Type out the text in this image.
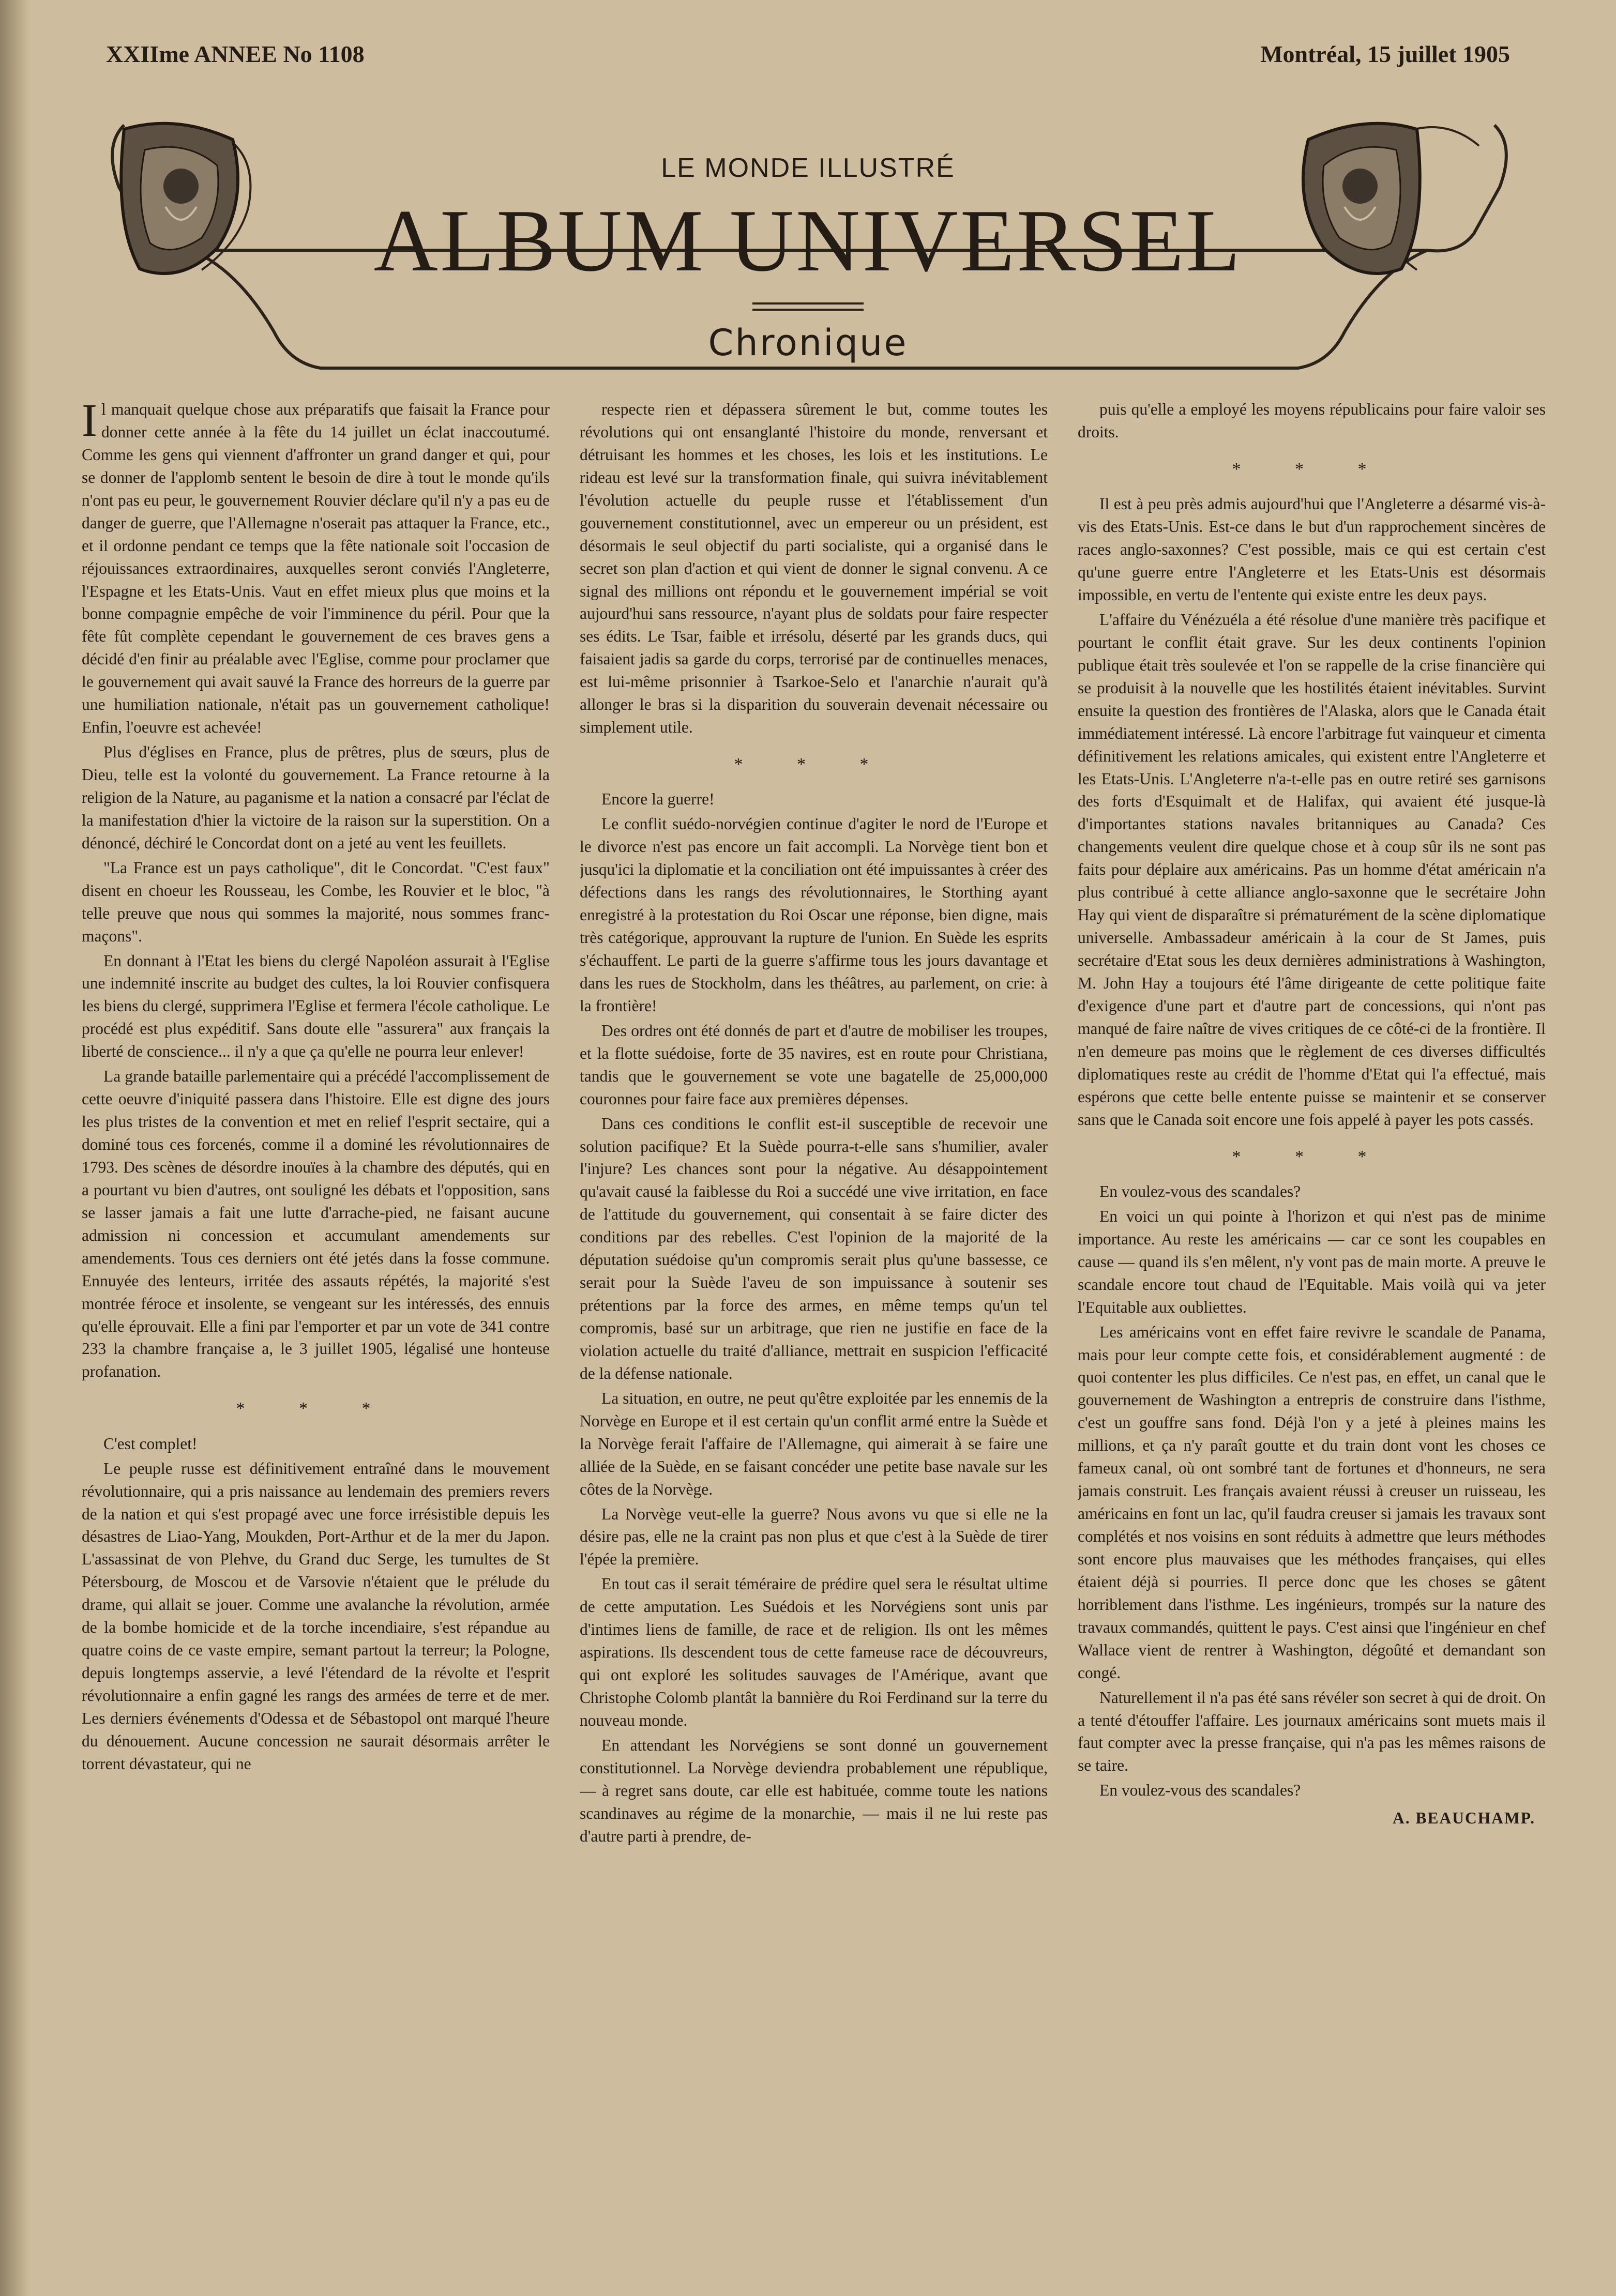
XXIIme ANNEE No 1108	Montréal, 15 juillet 1905
LE MONDE ILLUSTRÉ
ALBUM UNIVERSEL
Chronique

Il manquait quelque chose aux préparatifs que faisait la France pour donner cette année à la fête du 14 juillet un éclat inaccoutumé. Comme les gens qui viennent d'affronter un grand danger et qui, pour se donner de l'applomb sentent le besoin de dire à tout le monde qu'ils n'ont pas eu peur, le gouvernement Rouvier déclare qu'il n'y a pas eu de danger de guerre, que l'Allemagne n'oserait pas attaquer la France, etc., et il ordonne pendant ce temps que la fête nationale soit l'occasion de réjouissances extraordinaires, auxquelles seront conviés l'Angleterre, l'Espagne et les Etats-Unis. Vaut en effet mieux plus que moins et la bonne compagnie empêche de voir l'imminence du péril. Pour que la fête fût complète cependant le gouvernement de ces braves gens a décidé d'en finir au préalable avec l'Eglise, comme pour proclamer que le gouvernement qui avait sauvé la France des horreurs de la guerre par une humiliation nationale, n'était pas un gouvernement catholique! Enfin, l'oeuvre est achevée!

Plus d'églises en France, plus de prêtres, plus de sœurs, plus de Dieu, telle est la volonté du gouvernement. La France retourne à la religion de la Nature, au paganisme et la nation a consacré par l'éclat de la manifestation d'hier la victoire de la raison sur la superstition. On a dénoncé, déchiré le Concordat dont on a jeté au vent les feuillets.

"La France est un pays catholique", dit le Concordat. "C'est faux" disent en choeur les Rousseau, les Combe, les Rouvier et le bloc, "à telle preuve que nous qui sommes la majorité, nous sommes franc-maçons".

En donnant à l'Etat les biens du clergé Napoléon assurait à l'Eglise une indemnité inscrite au budget des cultes, la loi Rouvier confisquera les biens du clergé, supprimera l'Eglise et fermera l'école catholique. Le procédé est plus expéditif. Sans doute elle "assurera" aux français la liberté de conscience... il n'y a que ça qu'elle ne pourra leur enlever!

La grande bataille parlementaire qui a précédé l'accomplissement de cette oeuvre d'iniquité passera dans l'histoire. Elle est digne des jours les plus tristes de la convention et met en relief l'esprit sectaire, qui a dominé tous ces forcenés, comme il a dominé les révolutionnaires de 1793. Des scènes de désordre inouïes à la chambre des députés, qui en a pourtant vu bien d'autres, ont souligné les débats et l'opposition, sans se lasser jamais a fait une lutte d'arrache-pied, ne faisant aucune admission ni concession et accumulant amendements sur amendements. Tous ces derniers ont été jetés dans la fosse commune. Ennuyée des lenteurs, irritée des assauts répétés, la majorité s'est montrée féroce et insolente, se vengeant sur les intéressés, des ennuis qu'elle éprouvait. Elle a fini par l'emporter et par un vote de 341 contre 233 la chambre française a, le 3 juillet 1905, légalisé une honteuse profanation.

* * *

C'est complet!

Le peuple russe est définitivement entraîné dans le mouvement révolutionnaire, qui a pris naissance au lendemain des premiers revers de la nation et qui s'est propagé avec une force irrésistible depuis les désastres de Liao-Yang, Moukden, Port-Arthur et de la mer du Japon. L'assassinat de von Plehve, du Grand duc Serge, les tumultes de St Pétersbourg, de Moscou et de Varsovie n'étaient que le prélude du drame, qui allait se jouer. Comme une avalanche la révolution, armée de la bombe homicide et de la torche incendiaire, s'est répandue au quatre coins de ce vaste empire, semant partout la terreur; la Pologne, depuis longtemps asservie, a levé l'étendard de la révolte et l'esprit révolutionnaire a enfin gagné les rangs des armées de terre et de mer. Les derniers événements d'Odessa et de Sébastopol ont marqué l'heure du dénouement. Aucune concession ne saurait désormais arrêter le torrent dévastateur, qui ne

respecte rien et dépassera sûrement le but, comme toutes les révolutions qui ont ensanglanté l'histoire du monde, renversant et détruisant les hommes et les choses, les lois et les institutions. Le rideau est levé sur la transformation finale, qui suivra inévitablement l'évolution actuelle du peuple russe et l'établissement d'un gouvernement constitutionnel, avec un empereur ou un président, est désormais le seul objectif du parti socialiste, qui a organisé dans le secret son plan d'action et qui vient de donner le signal convenu. A ce signal des millions ont répondu et le gouvernement impérial se voit aujourd'hui sans ressource, n'ayant plus de soldats pour faire respecter ses édits. Le Tsar, faible et irrésolu, déserté par les grands ducs, qui faisaient jadis sa garde du corps, terrorisé par de continuelles menaces, est lui-même prisonnier à Tsarkoe-Selo et l'anarchie n'aurait qu'à allonger le bras si la disparition du souverain devenait nécessaire ou simplement utile.

* * *

Encore la guerre!

Le conflit suédo-norvégien continue d'agiter le nord de l'Europe et le divorce n'est pas encore un fait accompli. La Norvège tient bon et jusqu'ici la diplomatie et la conciliation ont été impuissantes à créer des défections dans les rangs des révolutionnaires, le Storthing ayant enregistré à la protestation du Roi Oscar une réponse, bien digne, mais très catégorique, approuvant la rupture de l'union. En Suède les esprits s'échauffent. Le parti de la guerre s'affirme tous les jours davantage et dans les rues de Stockholm, dans les théâtres, au parlement, on crie: à la frontière!

Des ordres ont été donnés de part et d'autre de mobiliser les troupes, et la flotte suédoise, forte de 35 navires, est en route pour Christiana, tandis que le gouvernement se vote une bagatelle de 25,000,000 couronnes pour faire face aux premières dépenses.

Dans ces conditions le conflit est-il susceptible de recevoir une solution pacifique? Et la Suède pourra-t-elle sans s'humilier, avaler l'injure? Les chances sont pour la négative. Au désappointement qu'avait causé la faiblesse du Roi a succédé une vive irritation, en face de l'attitude du gouvernement, qui consentait à se faire dicter des conditions par des rebelles. C'est l'opinion de la majorité de la députation suédoise qu'un compromis serait plus qu'une bassesse, ce serait pour la Suède l'aveu de son impuissance à soutenir ses prétentions par la force des armes, en même temps qu'un tel compromis, basé sur un arbitrage, que rien ne justifie en face de la violation actuelle du traité d'alliance, mettrait en suspicion l'efficacité de la défense nationale.

La situation, en outre, ne peut qu'être exploitée par les ennemis de la Norvège en Europe et il est certain qu'un conflit armé entre la Suède et la Norvège ferait l'affaire de l'Allemagne, qui aimerait à se faire une alliée de la Suède, en se faisant concéder une petite base navale sur les côtes de la Norvège.

La Norvège veut-elle la guerre? Nous avons vu que si elle ne la désire pas, elle ne la craint pas non plus et que c'est à la Suède de tirer l'épée la première.

En tout cas il serait téméraire de prédire quel sera le résultat ultime de cette amputation. Les Suédois et les Norvégiens sont unis par d'intimes liens de famille, de race et de religion. Ils ont les mêmes aspirations. Ils descendent tous de cette fameuse race de découvreurs, qui ont exploré les solitudes sauvages de l'Amérique, avant que Christophe Colomb plantât la bannière du Roi Ferdinand sur la terre du nouveau monde.

En attendant les Norvégiens se sont donné un gouvernement constitutionnel. La Norvège deviendra probablement une république, — à regret sans doute, car elle est habituée, comme toute les nations scandinaves au régime de la monarchie, — mais il ne lui reste pas d'autre parti à prendre, de-

puis qu'elle a employé les moyens républicains pour faire valoir ses droits.

* * *

Il est à peu près admis aujourd'hui que l'Angleterre a désarmé vis-à-vis des Etats-Unis. Est-ce dans le but d'un rapprochement sincères de races anglo-saxonnes? C'est possible, mais ce qui est certain c'est qu'une guerre entre l'Angleterre et les Etats-Unis est désormais impossible, en vertu de l'entente qui existe entre les deux pays.

L'affaire du Vénézuéla a été résolue d'une manière très pacifique et pourtant le conflit était grave. Sur les deux continents l'opinion publique était très soulevée et l'on se rappelle de la crise financière qui se produisit à la nouvelle que les hostilités étaient inévitables. Survint ensuite la question des frontières de l'Alaska, alors que le Canada était immédiatement intéressé. Là encore l'arbitrage fut vainqueur et cimenta définitivement les relations amicales, qui existent entre l'Angleterre et les Etats-Unis. L'Angleterre n'a-t-elle pas en outre retiré ses garnisons des forts d'Esquimalt et de Halifax, qui avaient été jusque-là d'importantes stations navales britanniques au Canada? Ces changements veulent dire quelque chose et à coup sûr ils ne sont pas faits pour déplaire aux américains. Pas un homme d'état américain n'a plus contribué à cette alliance anglo-saxonne que le secrétaire John Hay qui vient de disparaître si prématurément de la scène diplomatique universelle. Ambassadeur américain à la cour de St James, puis secrétaire d'Etat sous les deux dernières administrations à Washington, M. John Hay a toujours été l'âme dirigeante de cette politique faite d'exigence d'une part et d'autre part de concessions, qui n'ont pas manqué de faire naître de vives critiques de ce côté-ci de la frontière. Il n'en demeure pas moins que le règlement de ces diverses difficultés diplomatiques reste au crédit de l'homme d'Etat qui l'a effectué, mais espérons que cette belle entente puisse se maintenir et se conserver sans que le Canada soit encore une fois appelé à payer les pots cassés.

* * *

En voulez-vous des scandales?

En voici un qui pointe à l'horizon et qui n'est pas de minime importance. Au reste les américains — car ce sont les coupables en cause — quand ils s'en mêlent, n'y vont pas de main morte. A preuve le scandale encore tout chaud de l'Equitable. Mais voilà qui va jeter l'Equitable aux oubliettes.

Les américains vont en effet faire revivre le scandale de Panama, mais pour leur compte cette fois, et considérablement augmenté : de quoi contenter les plus difficiles. Ce n'est pas, en effet, un canal que le gouvernement de Washington a entrepris de construire dans l'isthme, c'est un gouffre sans fond. Déjà l'on y a jeté à pleines mains les millions, et ça n'y paraît goutte et du train dont vont les choses ce fameux canal, où ont sombré tant de fortunes et d'honneurs, ne sera jamais construit. Les français avaient réussi à creuser un ruisseau, les américains en font un lac, qu'il faudra creuser si jamais les travaux sont complétés et nos voisins en sont réduits à admettre que leurs méthodes sont encore plus mauvaises que les méthodes françaises, qui elles étaient déjà si pourries. Il perce donc que les choses se gâtent horriblement dans l'isthme. Les ingénieurs, trompés sur la nature des travaux commandés, quittent le pays. C'est ainsi que l'ingénieur en chef Wallace vient de rentrer à Washington, dégoûté et demandant son congé.

Naturellement il n'a pas été sans révéler son secret à qui de droit. On a tenté d'étouffer l'affaire. Les journaux américains sont muets mais il faut compter avec la presse française, qui n'a pas les mêmes raisons de se taire.

En voulez-vous des scandales?

A. BEAUCHAMP.
